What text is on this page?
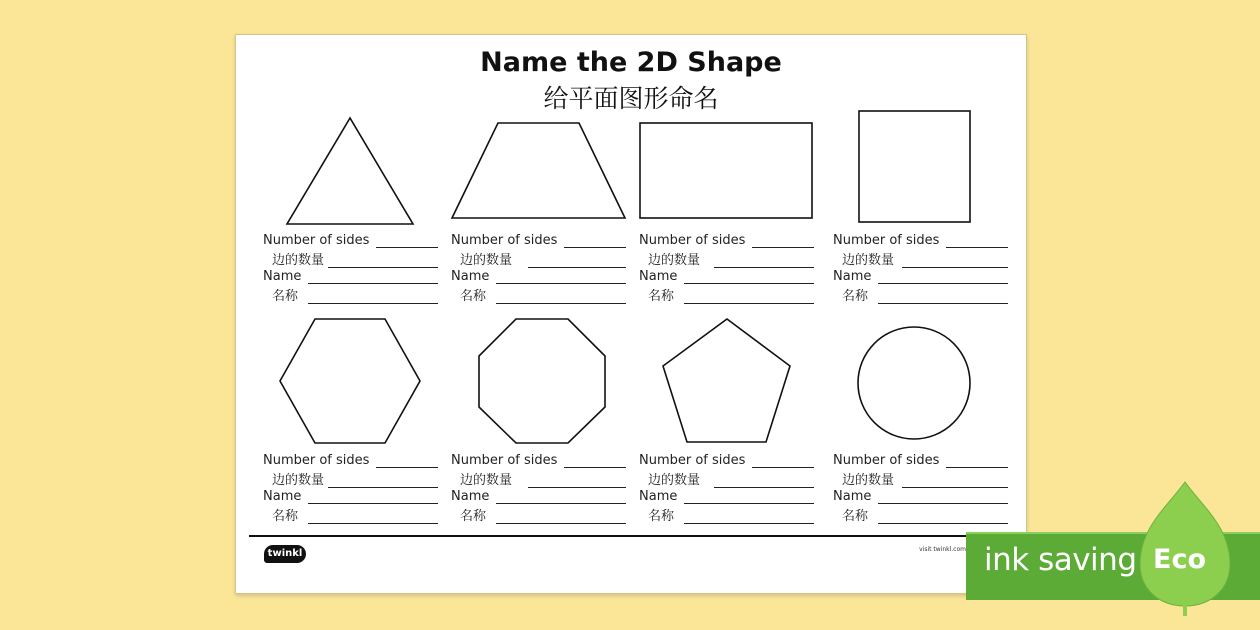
Name the 2D Shape
给平面图形命名
Number of sides
边的数量
Name
名称
Number of sides
边的数量
Name
名称
Number of sides
边的数量
Name
名称
Number of sides
边的数量
Name
名称
Number of sides
边的数量
Name
名称
Number of sides
边的数量
Name
名称
Number of sides
边的数量
Name
名称
Number of sides
边的数量
Name
名称
twinkl	visit twinkl.com ink saving Eco
